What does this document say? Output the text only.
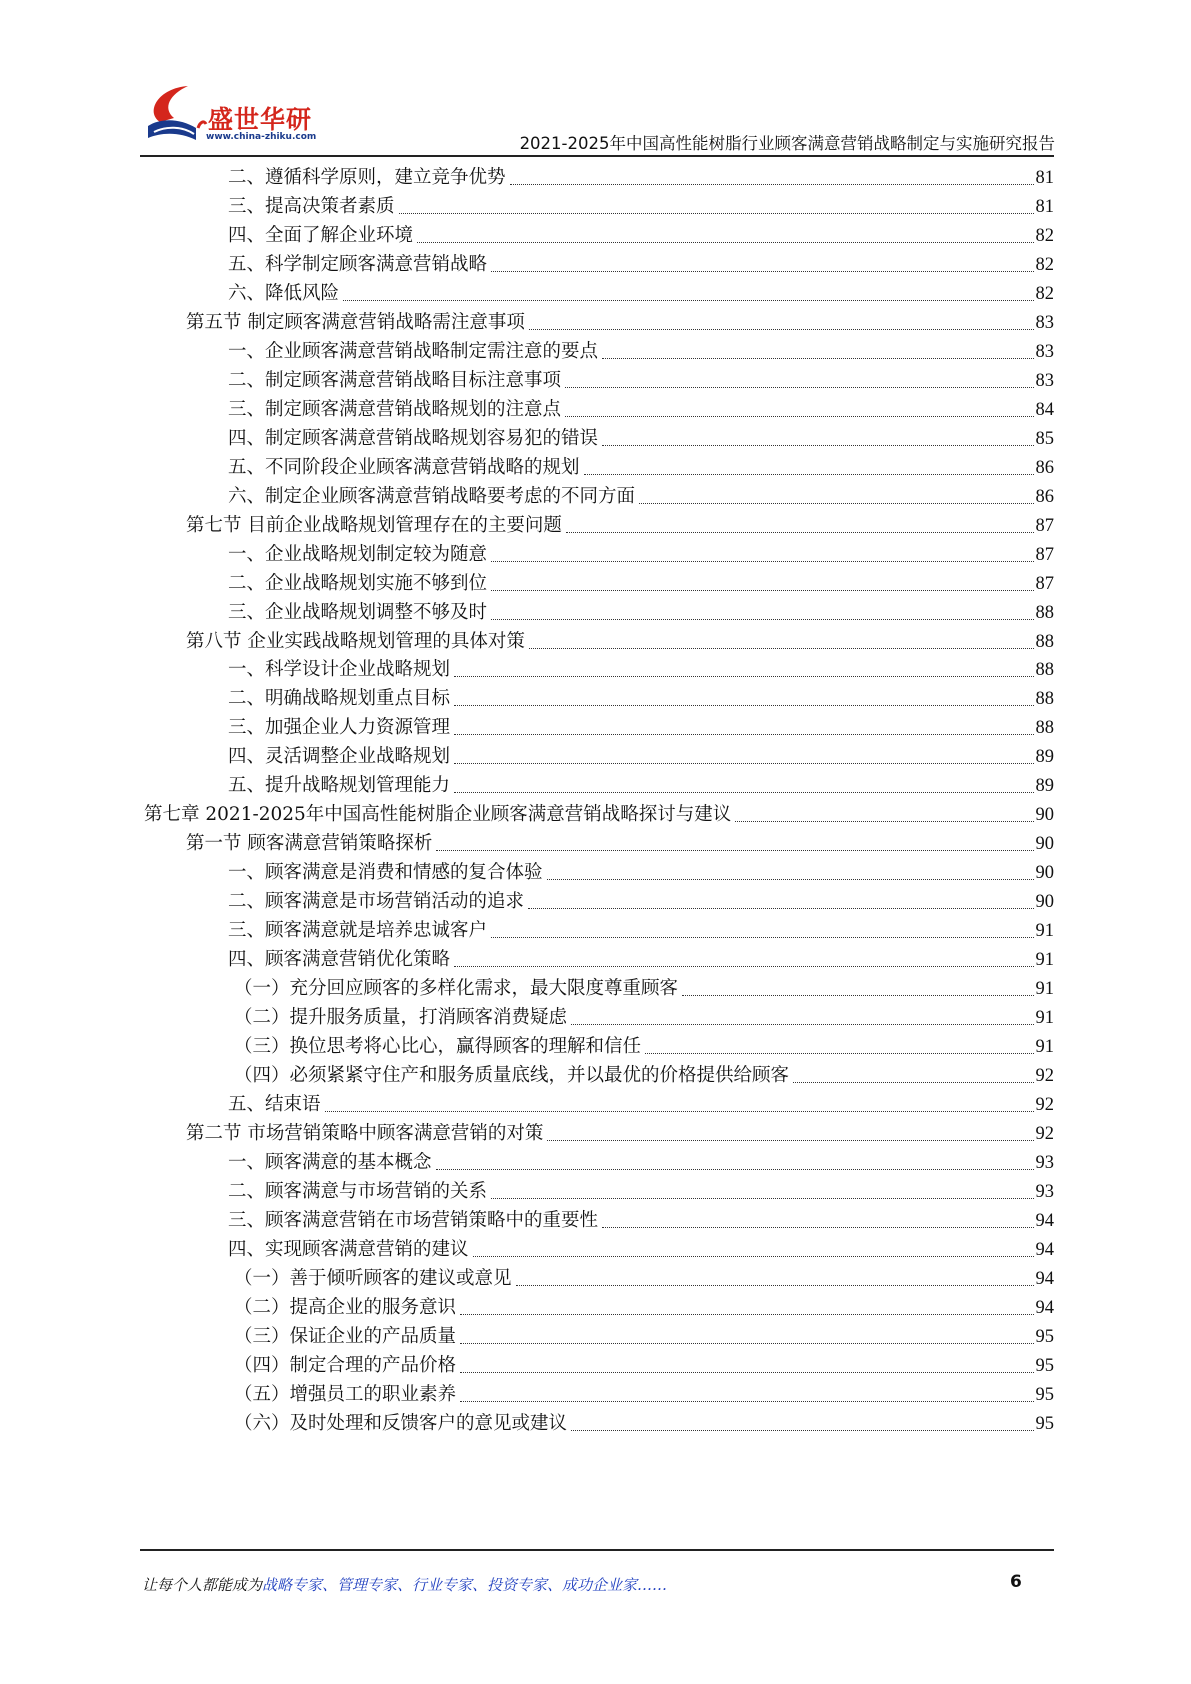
盛世华研
www.china-zhiku.com	2021-2025年中国高性能树脂行业顾客满意营销战略制定与实施研究报告
二、遵循科学原则，建立竞争优势	81
三、提高决策者素质	81
四、全面了解企业环境	82
五、科学制定顾客满意营销战略	82
六、降低风险	82
第五节 制定顾客满意营销战略需注意事项	83
一、企业顾客满意营销战略制定需注意的要点	83
二、制定顾客满意营销战略目标注意事项	83
三、制定顾客满意营销战略规划的注意点	84
四、制定顾客满意营销战略规划容易犯的错误	85
五、不同阶段企业顾客满意营销战略的规划	86
六、制定企业顾客满意营销战略要考虑的不同方面	86
第七节 目前企业战略规划管理存在的主要问题	87
一、企业战略规划制定较为随意	87
二、企业战略规划实施不够到位	87
三、企业战略规划调整不够及时	88
第八节 企业实践战略规划管理的具体对策	88
一、科学设计企业战略规划	88
二、明确战略规划重点目标	88
三、加强企业人力资源管理	88
四、灵活调整企业战略规划	89
五、提升战略规划管理能力	89
第七章 2021-2025年中国高性能树脂企业顾客满意营销战略探讨与建议	90
第一节 顾客满意营销策略探析	90
一、顾客满意是消费和情感的复合体验	90
二、顾客满意是市场营销活动的追求	90
三、顾客满意就是培养忠诚客户	91
四、顾客满意营销优化策略	91
（一）充分回应顾客的多样化需求，最大限度尊重顾客	91
（二）提升服务质量，打消顾客消费疑虑	91
（三）换位思考将心比心，赢得顾客的理解和信任	91
（四）必须紧紧守住产和服务质量底线，并以最优的价格提供给顾客	92
五、结束语	92
第二节 市场营销策略中顾客满意营销的对策	92
一、顾客满意的基本概念	93
二、顾客满意与市场营销的关系	93
三、顾客满意营销在市场营销策略中的重要性	94
四、实现顾客满意营销的建议	94
（一）善于倾听顾客的建议或意见	94
（二）提高企业的服务意识	94
（三）保证企业的产品质量	95
（四）制定合理的产品价格	95
（五）增强员工的职业素养	95
（六）及时处理和反馈客户的意见或建议	95
让每个人都能成为战略专家、管理专家、行业专家、投资专家、成功企业家……	6
